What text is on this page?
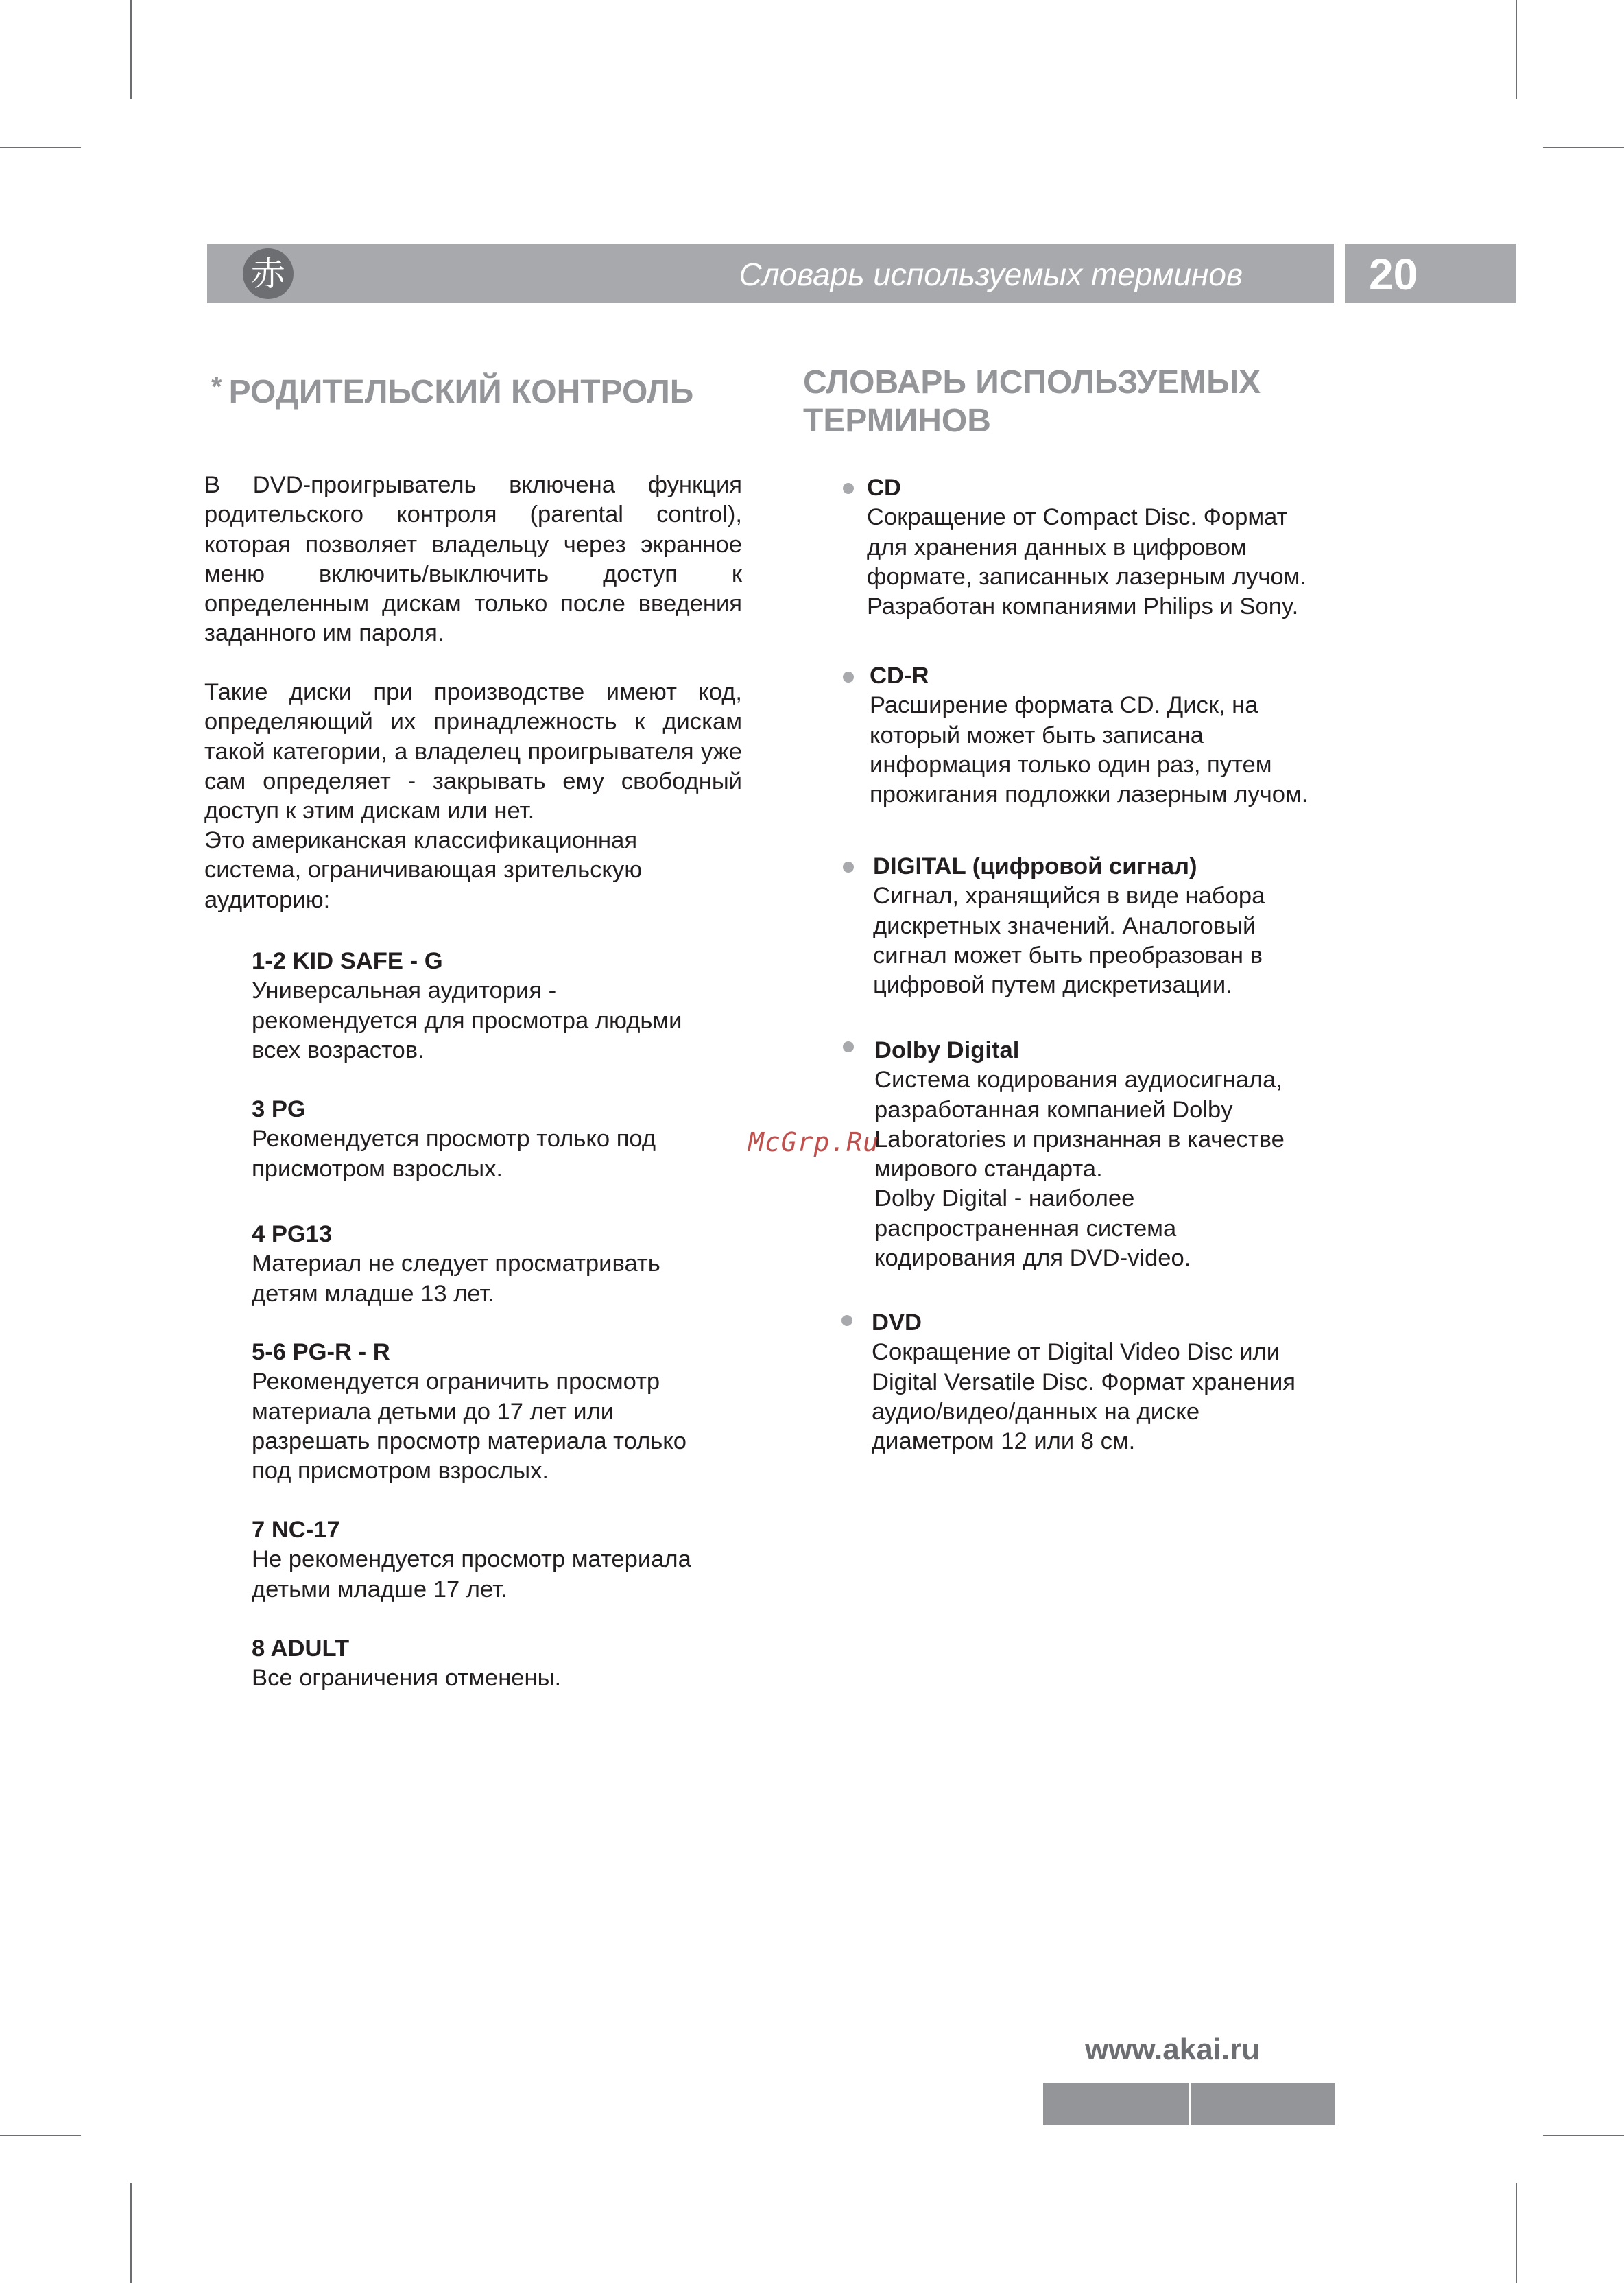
赤	Словарь используемых терминов	20
* РОДИТЕЛЬСКИЙ КОНТРОЛЬ

В DVD-проигрыватель включена функция родительского контроля (parental control), которая позволяет владельцу через экранное меню включить/выключить доступ к определенным дискам только после введения заданного им пароля.

Такие диски при производстве имеют код, определяющий их принадлежность к дискам такой категории, а владелец проигрывателя уже сам определяет - закрывать ему свободный доступ к этим дискам или нет.

Это американская классификационная
система, ограничивающая зрительскую
аудиторию:

1-2 KID SAFE - G
Универсальная аудитория -
рекомендуется для просмотра людьми
всех возрастов.
3 PG
Рекомендуется просмотр только под
присмотром взрослых.
4 PG13
Материал не следует просматривать
детям младше 13 лет.
5-6 PG-R - R
Рекомендуется ограничить просмотр
материала детьми до 17 лет или
разрешать просмотр материала только
под присмотром взрослых.
7 NC-17
Не рекомендуется просмотр материала
детьми младше 17 лет.
8 ADULT
Все ограничения отменены.
СЛОВАРЬ ИСПОЛЬЗУЕМЫХ
ТЕРМИНОВ
CD
Сокращение от Compact Disc. Формат
для хранения данных в цифровом
формате, записанных лазерным лучом.
Разработан компаниями Philips и Sony.
CD-R
Расширение формата CD. Диск, на
который может быть записана
информация только один раз, путем
прожигания подложки лазерным лучом.
DIGITAL (цифровой сигнал)
Сигнал, хранящийся в виде набора
дискретных значений. Аналоговый
сигнал может быть преобразован в
цифровой путем дискретизации.
Dolby Digital
Система кодирования аудиосигнала,
разработанная компанией Dolby
Laboratories и признанная в качестве
мирового стандарта.
Dolby Digital - наиболее
распространенная система
кодирования для DVD-video.
DVD
Сокращение от Digital Video Disc или
Digital Versatile Disc. Формат хранения
аудио/видео/данных на диске
диаметром 12 или 8 см.
McGrp.Ru
www.akai.ru
